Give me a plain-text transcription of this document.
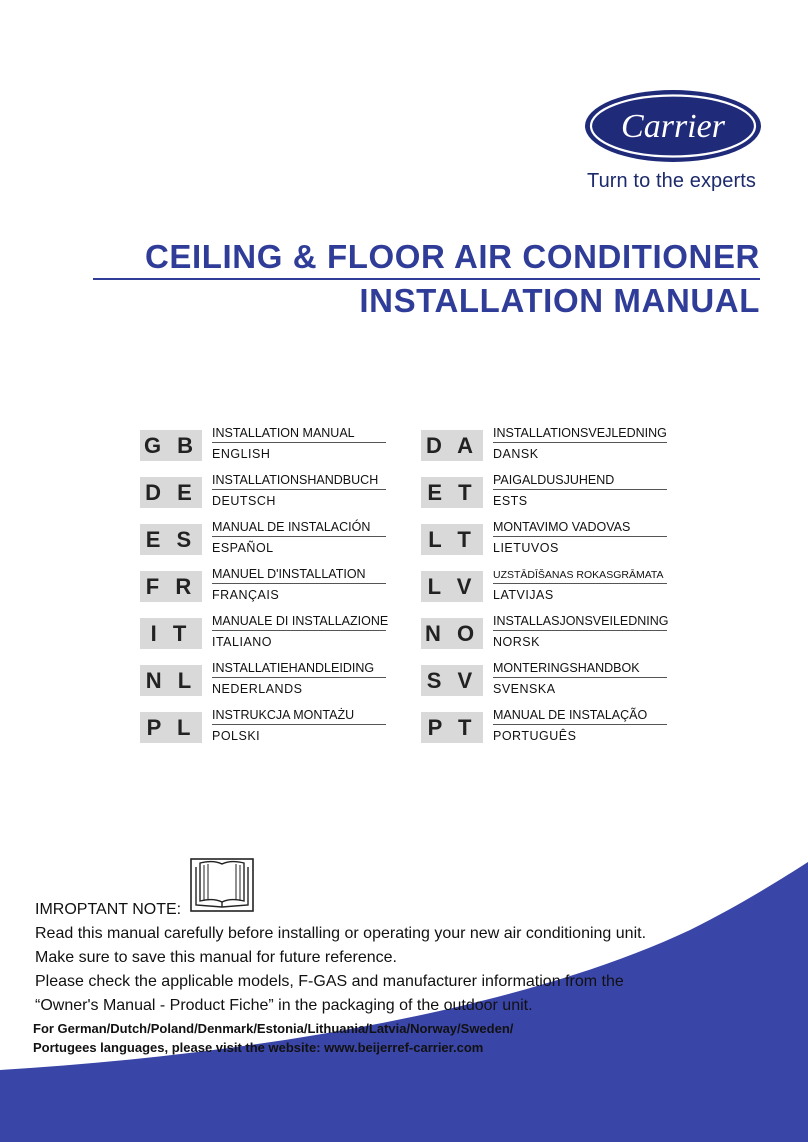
Carrier
Turn to the experts
CEILING & FLOOR AIR CONDITIONER
INSTALLATION MANUAL
G B	INSTALLATION MANUAL
ENGLISH
D E	INSTALLATIONSHANDBUCH
DEUTSCH
E S	MANUAL DE INSTALACIÓN
ESPAÑOL
F R	MANUEL D'INSTALLATION
FRANÇAIS
I T	MANUALE DI INSTALLAZIONE
ITALIANO
N L	INSTALLATIEHANDLEIDING
NEDERLANDS
P L	INSTRUKCJA MONTAŻU
POLSKI
D A	INSTALLATIONSVEJLEDNING
DANSK
E T	PAIGALDUSJUHEND
ESTS
L T	MONTAVIMO VADOVAS
LIETUVOS
L V	UZSTĀDĪŠANAS ROKASGRĀMATA
LATVIJAS
N O	INSTALLASJONSVEILEDNING
NORSK
S V	MONTERINGSHANDBOK
SVENSKA
P T	MANUAL DE INSTALAÇÃO
PORTUGUÊS
IMROPTANT NOTE:
Read this manual carefully before installing or operating your new air conditioning unit.
Make sure to save this manual for future reference.
Please check the applicable models, F-GAS and manufacturer information from the
“Owner's Manual - Product Fiche” in the packaging of the outdoor unit.
For German/Dutch/Poland/Denmark/Estonia/Lithuania/Latvia/Norway/Sweden/
Portugees languages, please visit the website: www.beijerref-carrier.com
